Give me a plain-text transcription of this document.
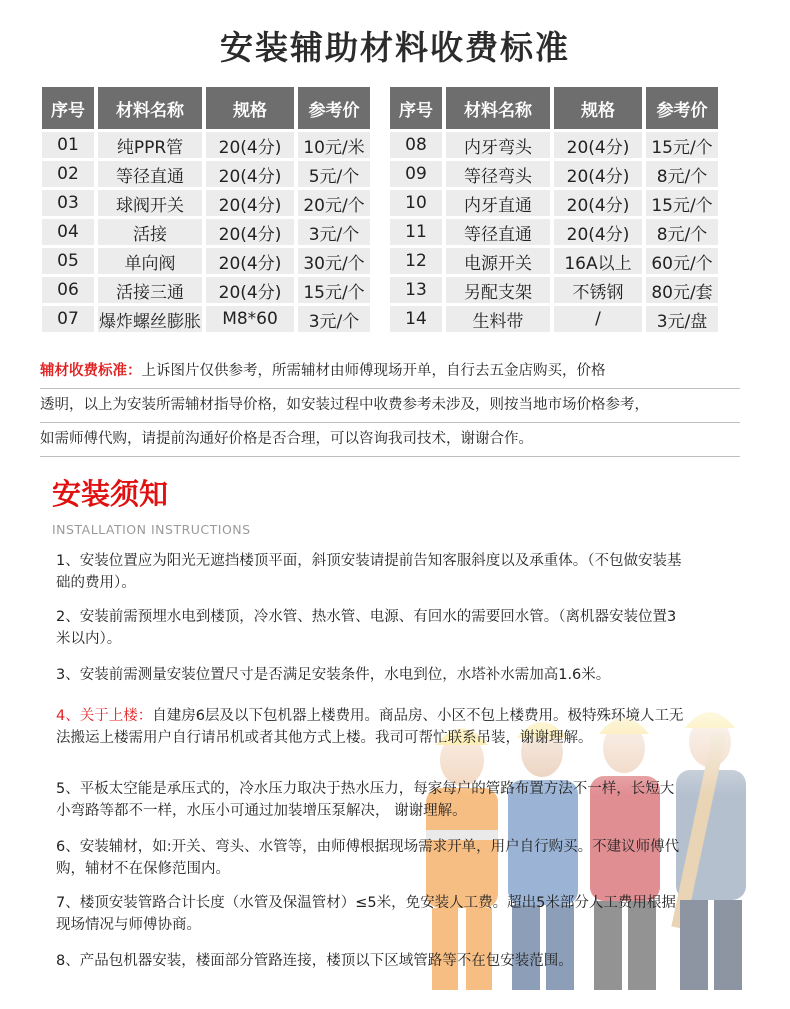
安装辅助材料收费标准
序号	材料名称	规格	参考价
01	纯PPR管	20(4分)	10元/米
02	等径直通	20(4分)	5元/个
03	球阀开关	20(4分)	20元/个
04	活接	20(4分)	3元/个
05	单向阀	20(4分)	30元/个
06	活接三通	20(4分)	15元/个
07	爆炸螺丝膨胀	M8*60	3元/个
序号	材料名称	规格	参考价
08	内牙弯头	20(4分)	15元/个
09	等径弯头	20(4分)	8元/个
10	内牙直通	20(4分)	15元/个
11	等径直通	20(4分)	8元/个
12	电源开关	16A以上	60元/个
13	另配支架	不锈钢	80元/套
14	生料带	/	3元/盘
辅材收费标准：上诉图片仅供参考，所需辅材由师傅现场开单，自行去五金店购买，价格
透明，以上为安装所需辅材指导价格，如安装过程中收费参考未涉及，则按当地市场价格参考，
如需师傅代购，请提前沟通好价格是否合理，可以咨询我司技术，谢谢合作。
安装须知
INSTALLATION INSTRUCTIONS
1、安装位置应为阳光无遮挡楼顶平面，斜顶安装请提前告知客服斜度以及承重体。（不包做安装基础的费用）。
2、安装前需预埋水电到楼顶，冷水管、热水管、电源、有回水的需要回水管。（离机器安装位置3米以内）。
3、安装前需测量安装位置尺寸是否满足安装条件，水电到位，水塔补水需加高1.6米。
4、关于上楼：自建房6层及以下包机器上楼费用。商品房、小区不包上楼费用。极特殊环境人工无法搬运上楼需用户自行请吊机或者其他方式上楼。我司可帮忙联系吊装，谢谢理解。
5、平板太空能是承压式的，冷水压力取决于热水压力，每家每户的管路布置方法不一样，长短大小弯路等都不一样，水压小可通过加装增压泵解决， 谢谢理解。
6、安装辅材，如:开关、弯头、水管等，由师傅根据现场需求开单，用户自行购买。不建议师傅代购，辅材不在保修范围内。
7、楼顶安装管路合计长度（水管及保温管材）≤5米，免安装人工费。超出5米部分人工费用根据现场情况与师傅协商。
8、产品包机器安装，楼面部分管路连接，楼顶以下区域管路等不在包安装范围。
